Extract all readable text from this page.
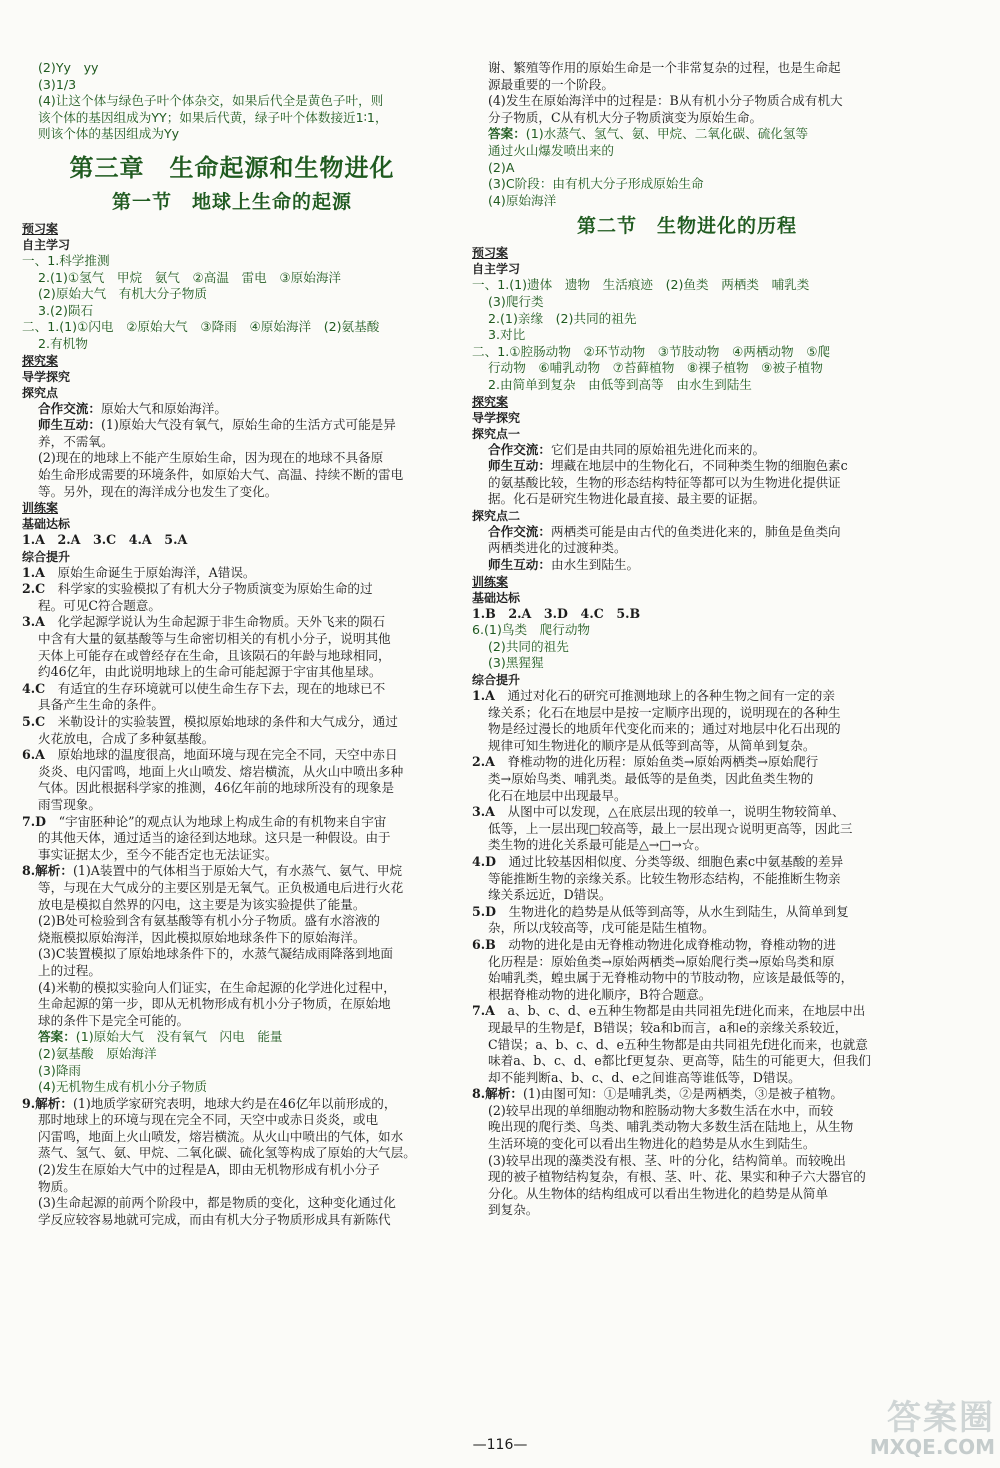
(2)Yy　yy
(3)1/3
(4)让这个体与绿色子叶个体杂交，如果后代全是黄色子叶，则
该个体的基因组成为YY；如果后代黄，绿子叶个体数接近1∶1，
则该个体的基因组成为Yy
第三章　生命起源和生物进化
第一节　地球上生命的起源
预习案
自主学习
一、1.科学推测
2.(1)①氢气　甲烷　氨气　②高温　雷电　③原始海洋
(2)原始大气　有机大分子物质
3.(2)陨石
二、1.(1)①闪电　②原始大气　③降雨　④原始海洋　(2)氨基酸
2.有机物
探究案
导学探究
探究点
合作交流：原始大气和原始海洋。
师生互动：(1)原始大气没有氧气，原始生命的生活方式可能是异
养，不需氧。
(2)现在的地球上不能产生原始生命，因为现在的地球不具备原
始生命形成需要的环境条件，如原始大气、高温、持续不断的雷电
等。另外，现在的海洋成分也发生了变化。
训练案
基础达标
1.A　2.A　3.C　4.A　5.A
综合提升
1.A　原始生命诞生于原始海洋，A错误。
2.C　科学家的实验模拟了有机大分子物质演变为原始生命的过
程。可见C符合题意。
3.A　化学起源学说认为生命起源于非生命物质。天外飞来的陨石
中含有大量的氨基酸等与生命密切相关的有机小分子，说明其他
天体上可能存在或曾经存在生命，且该陨石的年龄与地球相同，
约46亿年，由此说明地球上的生命可能起源于宇宙其他星球。
4.C　有适宜的生存环境就可以使生命生存下去，现在的地球已不
具备产生生命的条件。
5.C　米勒设计的实验装置，模拟原始地球的条件和大气成分，通过
火花放电，合成了多种氨基酸。
6.A　原始地球的温度很高，地面环境与现在完全不同，天空中赤日
炎炎、电闪雷鸣，地面上火山喷发、熔岩横流，从火山中喷出多种
气体。因此根据科学家的推测，46亿年前的地球所没有的现象是
雨雪现象。
7.D　“宇宙胚种论”的观点认为地球上构成生命的有机物来自宇宙
的其他天体，通过适当的途径到达地球。这只是一种假设。由于
事实证据太少，至今不能否定也无法证实。
8.解析：(1)A装置中的气体相当于原始大气，有水蒸气、氨气、甲烷
等，与现在大气成分的主要区别是无氧气。正负极通电后进行火花
放电是模拟自然界的闪电，这主要是为该实验提供了能量。
(2)B处可检验到含有氨基酸等有机小分子物质。盛有水溶液的
烧瓶模拟原始海洋，因此模拟原始地球条件下的原始海洋。
(3)C装置模拟了原始地球条件下的，水蒸气凝结成雨降落到地面
上的过程。
(4)米勒的模拟实验向人们证实，在生命起源的化学进化过程中，
生命起源的第一步，即从无机物形成有机小分子物质，在原始地
球的条件下是完全可能的。
答案：(1)原始大气　没有氧气　闪电　能量
(2)氨基酸　原始海洋
(3)降雨
(4)无机物生成有机小分子物质
9.解析：(1)地质学家研究表明，地球大约是在46亿年以前形成的，
那时地球上的环境与现在完全不同，天空中或赤日炎炎，或电
闪雷鸣，地面上火山喷发，熔岩横流。从火山中喷出的气体，如水
蒸气、氢气、氨、甲烷、二氧化碳、硫化氢等构成了原始的大气层。
(2)发生在原始大气中的过程是A，即由无机物形成有机小分子
物质。
(3)生命起源的前两个阶段中，都是物质的变化，这种变化通过化
学反应较容易地就可完成，而由有机大分子物质形成具有新陈代
谢、繁殖等作用的原始生命是一个非常复杂的过程，也是生命起
源最重要的一个阶段。
(4)发生在原始海洋中的过程是：B从有机小分子物质合成有机大
分子物质，C从有机大分子物质演变为原始生命。
答案：(1)水蒸气、氢气、氨、甲烷、二氧化碳、硫化氢等
通过火山爆发喷出来的
(2)A
(3)C阶段：由有机大分子形成原始生命
(4)原始海洋
第二节　生物进化的历程
预习案
自主学习
一、1.(1)遗体　遗物　生活痕迹　(2)鱼类　两栖类　哺乳类
(3)爬行类
2.(1)亲缘　(2)共同的祖先
3.对比
二、1.①腔肠动物　②环节动物　③节肢动物　④两栖动物　⑤爬
行动物　⑥哺乳动物　⑦苔藓植物　⑧裸子植物　⑨被子植物
2.由简单到复杂　由低等到高等　由水生到陆生
探究案
导学探究
探究点一
合作交流：它们是由共同的原始祖先进化而来的。
师生互动：埋藏在地层中的生物化石，不同种类生物的细胞色素c
的氨基酸比较，生物的形态结构特征等都可以为生物进化提供证
据。化石是研究生物进化最直接、最主要的证据。
探究点二
合作交流：两栖类可能是由古代的鱼类进化来的，肺鱼是鱼类向
两栖类进化的过渡种类。
师生互动：由水生到陆生。
训练案
基础达标
1.B　2.A　3.D　4.C　5.B
6.(1)鸟类　爬行动物
(2)共同的祖先
(3)黑猩猩
综合提升
1.A　通过对化石的研究可推测地球上的各种生物之间有一定的亲
缘关系；化石在地层中是按一定顺序出现的，说明现在的各种生
物是经过漫长的地质年代变化而来的；通过对地层中化石出现的
规律可知生物进化的顺序是从低等到高等，从简单到复杂。
2.A　脊椎动物的进化历程：原始鱼类→原始两栖类→原始爬行
类→原始鸟类、哺乳类。最低等的是鱼类，因此鱼类生物的
化石在地层中出现最早。
3.A　从图中可以发现，△在底层出现的较单一，说明生物较简单、
低等，上一层出现□较高等，最上一层出现☆说明更高等，因此三
类生物的进化关系最可能是△→□→☆。
4.D　通过比较基因相似度、分类等级、细胞色素c中氨基酸的差异
等能推断生物的亲缘关系。比较生物形态结构，不能推断生物亲
缘关系远近，D错误。
5.D　生物进化的趋势是从低等到高等，从水生到陆生，从简单到复
杂，所以戊较高等，戊可能是陆生植物。
6.B　动物的进化是由无脊椎动物进化成脊椎动物，脊椎动物的进
化历程是：原始鱼类→原始两栖类→原始爬行类→原始鸟类和原
始哺乳类，蝗虫属于无脊椎动物中的节肢动物，应该是最低等的，
根据脊椎动物的进化顺序，B符合题意。
7.A　a、b、c、d、e五种生物都是由共同祖先f进化而来，在地层中出
现最早的生物是f，B错误；较a和b而言，a和e的亲缘关系较近，
C错误；a、b、c、d、e五种生物都是由共同祖先f进化而来，也就意
味着a、b、c、d、e都比f更复杂、更高等，陆生的可能更大，但我们
却不能判断a、b、c、d、e之间谁高等谁低等，D错误。
8.解析：(1)由图可知：①是哺乳类，②是两栖类，③是被子植物。
(2)较早出现的单细胞动物和腔肠动物大多数生活在水中，而较
晚出现的爬行类、鸟类、哺乳类动物大多数生活在陆地上，从生物
生活环境的变化可以看出生物进化的趋势是从水生到陆生。
(3)较早出现的藻类没有根、茎、叶的分化，结构简单。而较晚出
现的被子植物结构复杂，有根、茎、叶、花、果实和种子六大器官的
分化。从生物体的结构组成可以看出生物进化的趋势是从简单
到复杂。
—116—
答案圈
MXQE.COM
